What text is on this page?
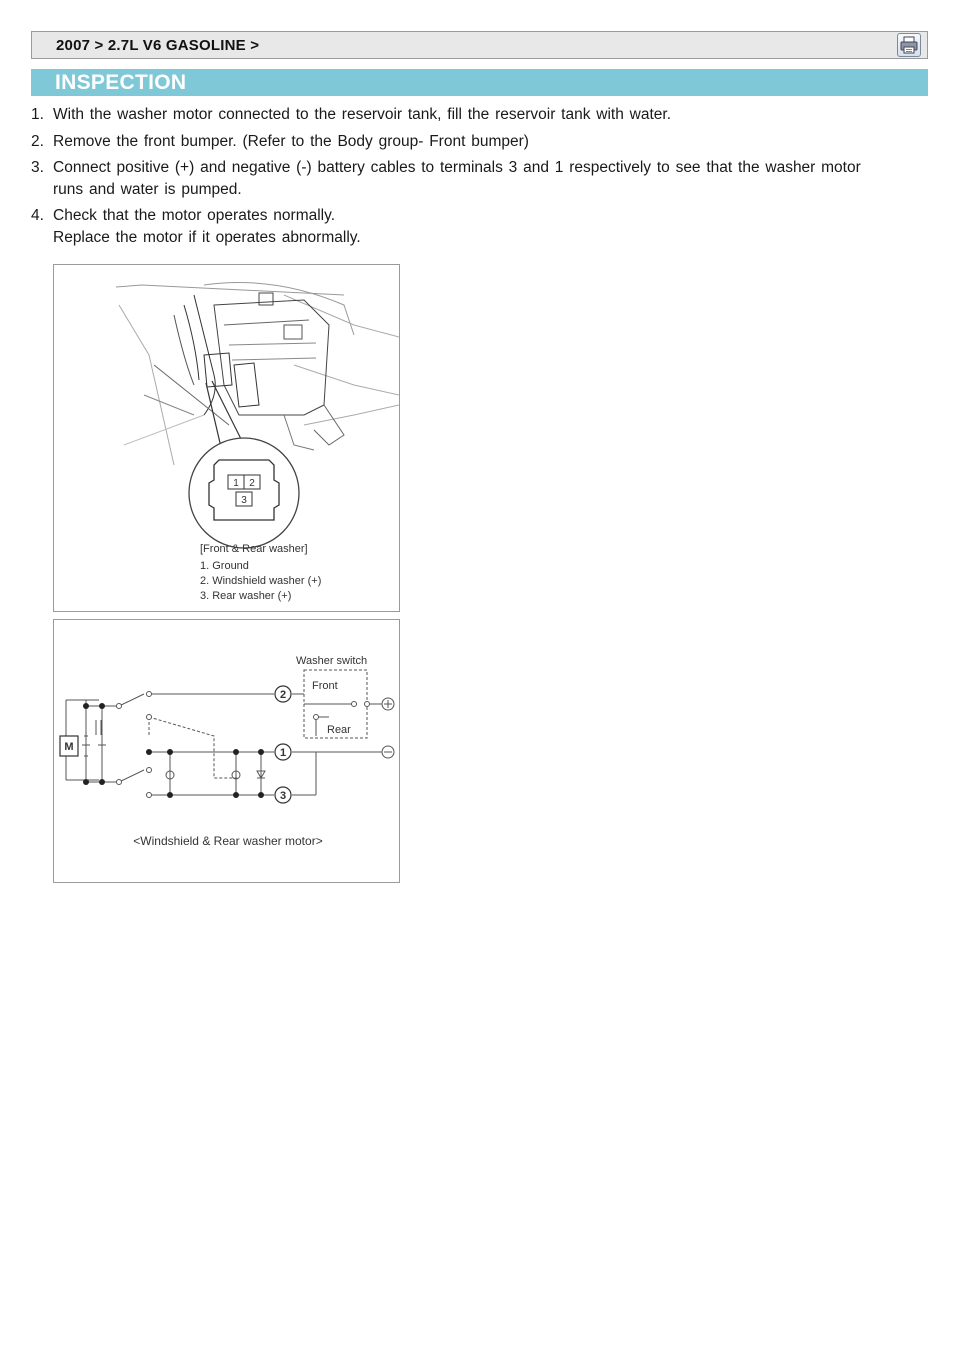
2007 > 2.7L V6 GASOLINE >
INSPECTION
1. With the washer motor connected to the reservoir tank, fill the reservoir tank with water.
2. Remove the front bumper. (Refer to the Body group- Front bumper)
3. Connect positive (+) and negative (-) battery cables to terminals 3 and 1 respectively to see that the washer motor
runs and water is pumped.
4. Check that the motor operates normally.
Replace the motor if it operates abnormally.
1 2
3
[Front & Rear washer]
1. Ground
2. Windshield washer (+)
3. Rear washer (+)
M
2
1
3
Washer switch
Front
Rear
<Windshield & Rear washer motor>
